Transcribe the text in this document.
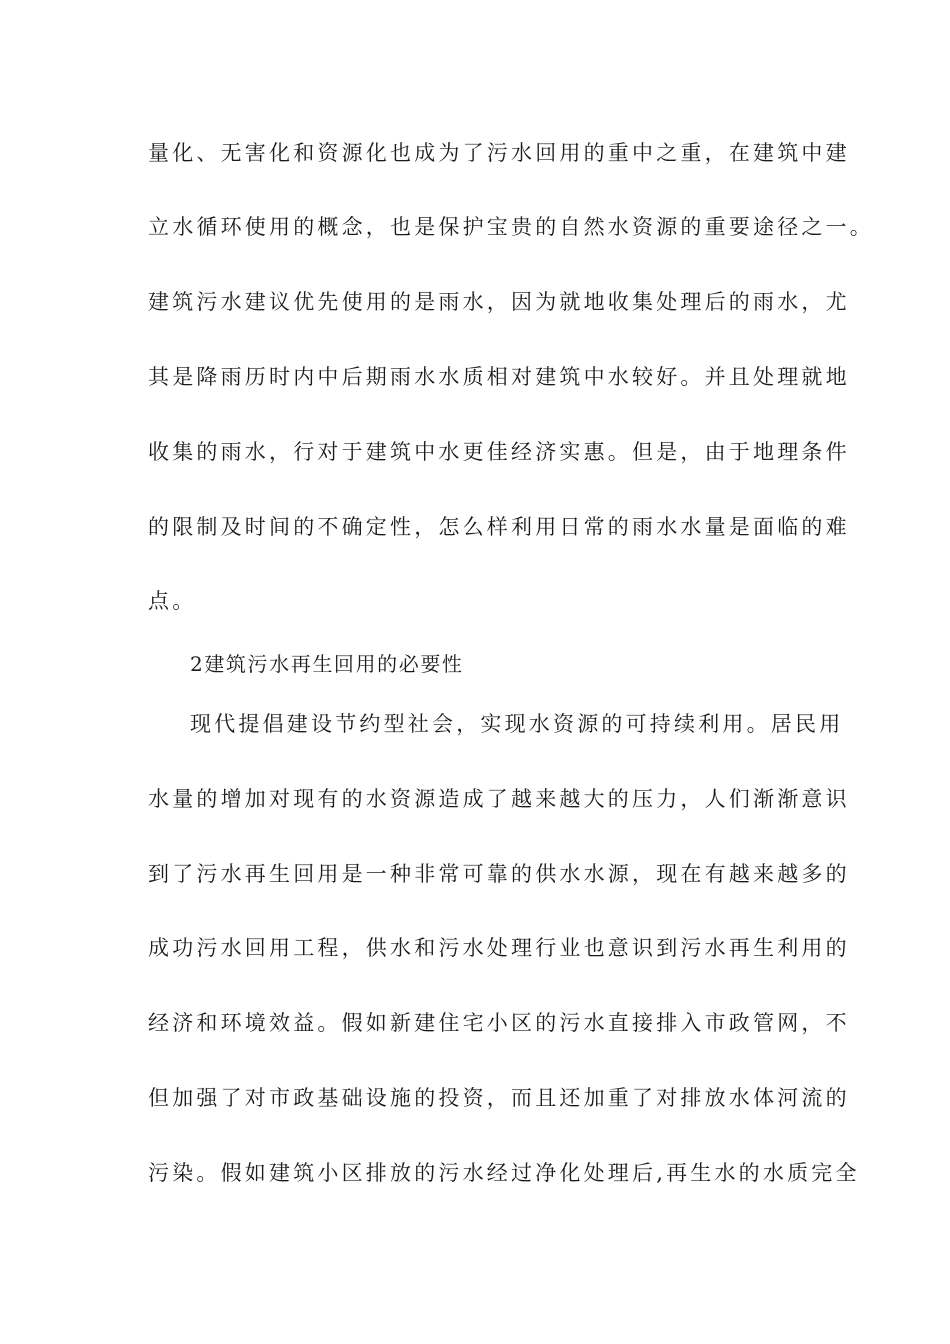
量化、无害化和资源化也成为了污水回用的重中之重，在建筑中建
立水循环使用的概念，也是保护宝贵的自然水资源的重要途径之一。
建筑污水建议优先使用的是雨水，因为就地收集处理后的雨水，尤
其是降雨历时内中后期雨水水质相对建筑中水较好。并且处理就地
收集的雨水，行对于建筑中水更佳经济实惠。但是，由于地理条件
的限制及时间的不确定性，怎么样利用日常的雨水水量是面临的难
点。
2建筑污水再生回用的必要性
现代提倡建设节约型社会，实现水资源的可持续利用。居民用
水量的增加对现有的水资源造成了越来越大的压力，人们渐渐意识
到了污水再生回用是一种非常可靠的供水水源，现在有越来越多的
成功污水回用工程，供水和污水处理行业也意识到污水再生利用的
经济和环境效益。假如新建住宅小区的污水直接排入市政管网，不
但加强了对市政基础设施的投资，而且还加重了对排放水体河流的
污染。假如建筑小区排放的污水经过净化处理后,再生水的水质完全
